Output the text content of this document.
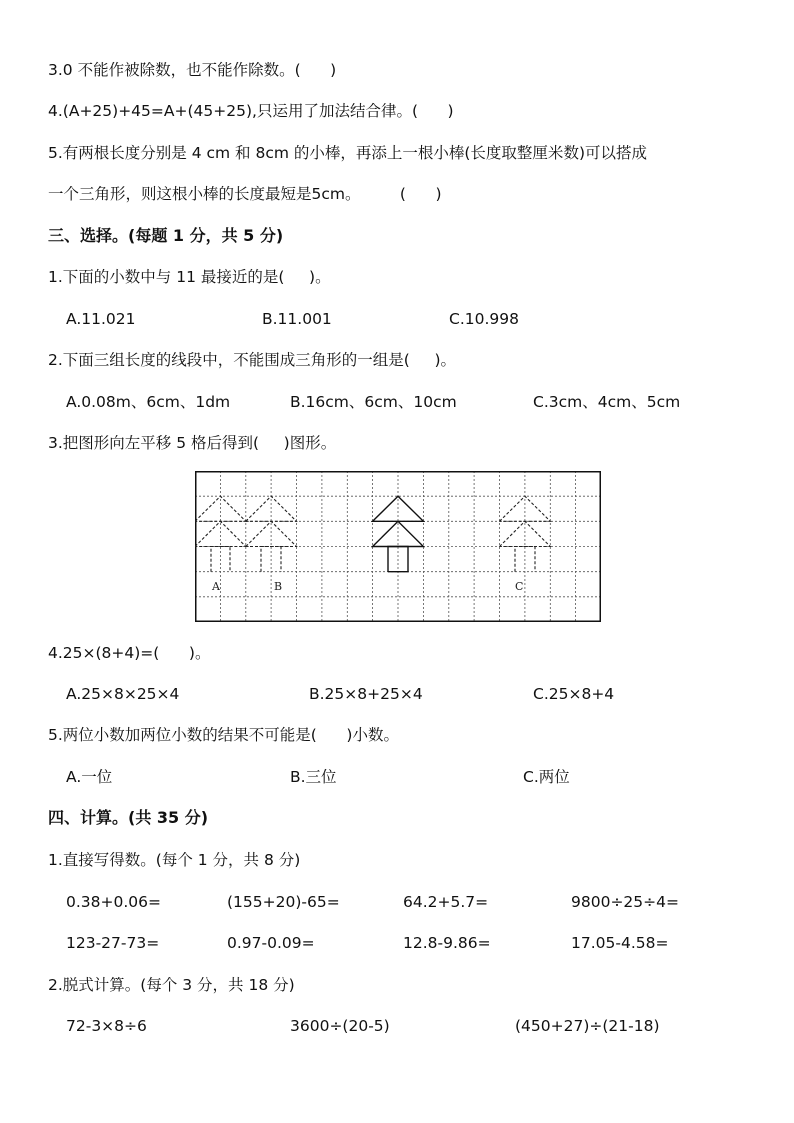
3.0 不能作被除数，也不能作除数。(      )
4.(A+25)+45=A+(45+25),只运用了加法结合律。(      )
5.有两根长度分别是 4 cm 和 8cm 的小棒，再添上一根小棒(长度取整厘米数)可以搭成
一个三角形，则这根小棒的长度最短是5cm。        (      )
三、选择。(每题 1 分，共 5 分)
1.下面的小数中与 11 最接近的是(     )。
A.11.021	B.11.001	C.10.998
2.下面三组长度的线段中，不能围成三角形的一组是(     )。
A.0.08m、6cm、1dm	B.16cm、6cm、10cm	C.3cm、4cm、5cm
3.把图形向左平移 5 格后得到(     )图形。
A	B	C
4.25×(8+4)=(      )。
A.25×8×25×4	B.25×8+25×4	C.25×8+4
5.两位小数加两位小数的结果不可能是(      )小数。
A.一位	B.三位	C.两位
四、计算。(共 35 分)
1.直接写得数。(每个 1 分，共 8 分)
0.38+0.06=	(155+20)-65=	64.2+5.7=	9800÷25÷4=
123-27-73=	0.97-0.09=	12.8-9.86=	17.05-4.58=
2.脱式计算。(每个 3 分，共 18 分)
72-3×8÷6	3600÷(20-5)	(450+27)÷(21-18)
